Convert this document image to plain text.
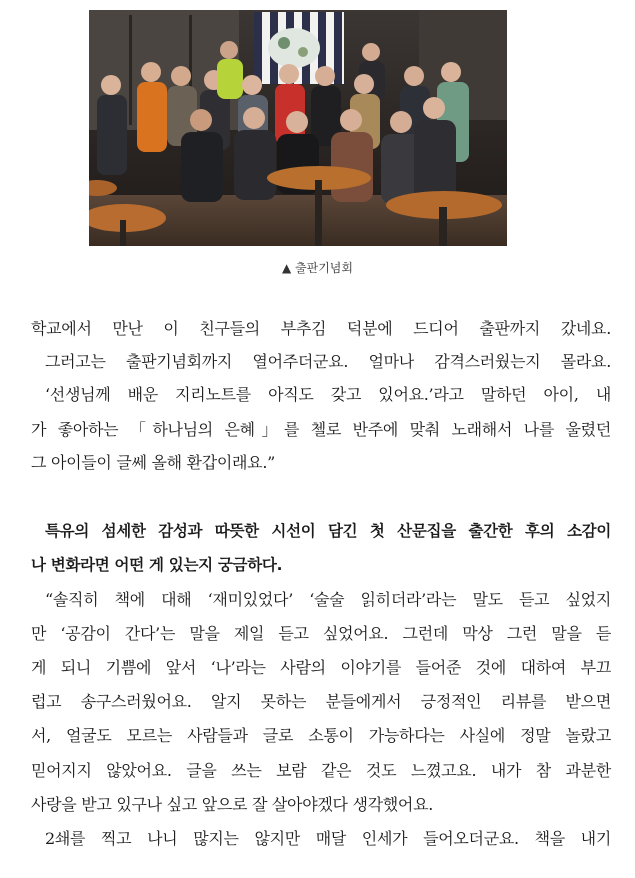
▲ 출판기념회
학교에서 만난 이 친구들의 부추김 덕분에 드디어 출판까지 갔네요.
그러고는 출판기념회까지 열어주더군요. 얼마나 감격스러웠는지 몰라요.
‘선생님께 배운 지리노트를 아직도 갖고 있어요.’라고 말하던 아이, 내
가 좋아하는 「하나님의 은혜」를 첼로 반주에 맞춰 노래해서 나를 울렸던
그 아이들이 글쎄 올해 환갑이래요.”
특유의 섬세한 감성과 따뜻한 시선이 담긴 첫 산문집을 출간한 후의 소감이
나 변화라면 어떤 게 있는지 궁금하다.
“솔직히 책에 대해 ‘재미있었다’ ‘술술 읽히더라’라는 말도 듣고 싶었지
만 ‘공감이 간다’는 말을 제일 듣고 싶었어요. 그런데 막상 그런 말을 듣
게 되니 기쁨에 앞서 ‘나’라는 사람의 이야기를 들어준 것에 대하여 부끄
럽고 송구스러웠어요. 알지 못하는 분들에게서 긍정적인 리뷰를 받으면
서, 얼굴도 모르는 사람들과 글로 소통이 가능하다는 사실에 정말 놀랐고
믿어지지 않았어요. 글을 쓰는 보람 같은 것도 느꼈고요. 내가 참 과분한
사랑을 받고 있구나 싶고 앞으로 잘 살아야겠다 생각했어요.
2쇄를 찍고 나니 많지는 않지만 매달 인세가 들어오더군요. 책을 내기
